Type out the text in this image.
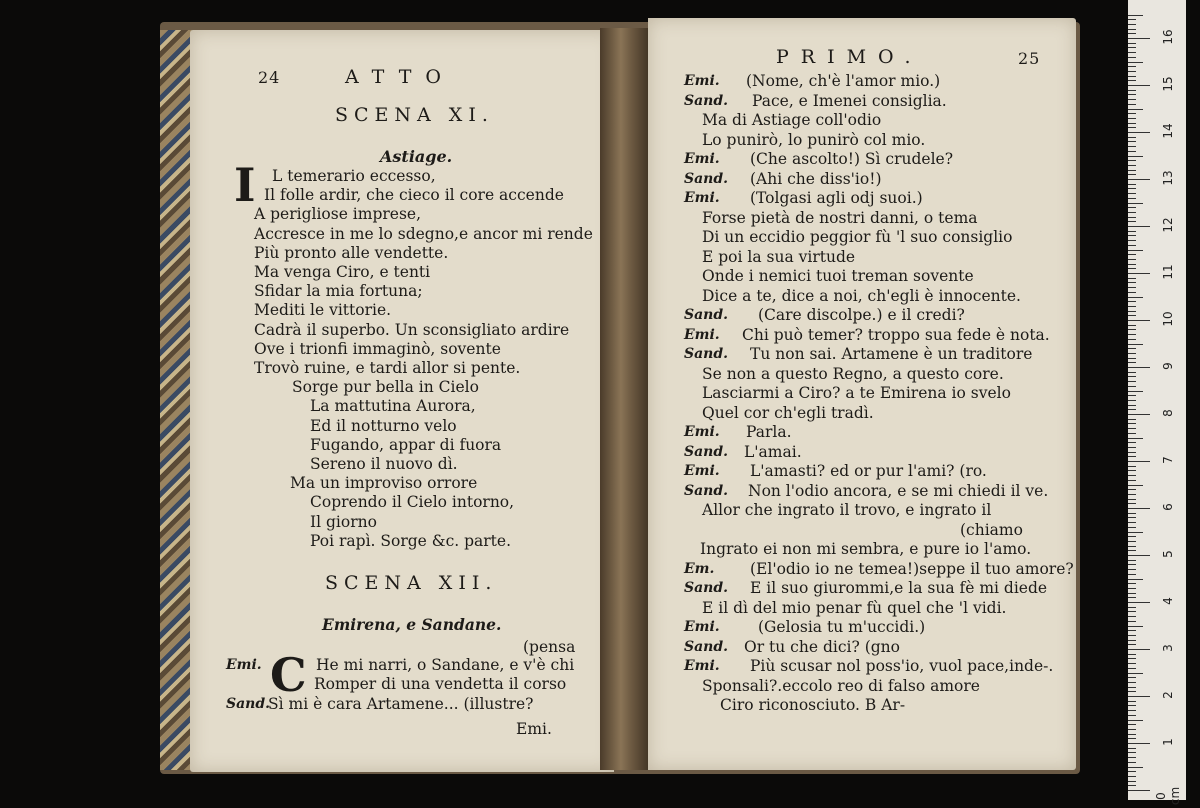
24	ATTO
SCENA XI.
Astiage.
I L temerario eccesso,
Il folle ardir, che cieco il core accende
A perigliose imprese,
Accresce in me lo sdegno,e ancor mi rende
Più pronto alle vendette.
Ma venga Ciro, e tenti
Sfidar la mia fortuna;
Mediti le vittorie.
Cadrà il superbo. Un sconsigliato ardire
Ove i trionfi immaginò, sovente
Trovò ruine, e tardi allor si pente.
Sorge pur bella in Cielo
La mattutina Aurora,
Ed il notturno velo
Fugando, appar di fuora
Sereno il nuovo dì.
Ma un improviso orrore
Coprendo il Cielo intorno,
Il giorno
Poi rapì. Sorge &c. parte.
SCENA XII.
Emirena, e Sandane.
C
(pensa
Emi.	He mi narri, o Sandane, e v'è chi
Romper di una vendetta il corso
Sand.
Sì mi è cara Artamene... (illustre?
Emi.
PRIMO.	25
Emi. (Nome, ch'è l'amor mio.)
Sand. Pace, e Imenei consiglia.
Ma di Astiage coll'odio
Lo punirò, lo punirò col mio.
Emi. (Che ascolto!) Sì crudele?
Sand. (Ahi che diss'io!)
Emi. (Tolgasi agli odj suoi.)
Forse pietà de nostri danni, o tema
Di un eccidio peggior fù 'l suo consiglio
E poi la sua virtude
Onde i nemici tuoi treman sovente
Dice a te, dice a noi, ch'egli è innocente.
Sand. (Care discolpe.) e il credi?
Emi. Chi può temer? troppo sua fede è nota.
Sand. Tu non sai. Artamene è un traditore
Se non a questo Regno, a questo core.
Lasciarmi a Ciro? a te Emirena io svelo
Quel cor ch'egli tradì.
Emi. Parla.
Sand. L'amai.
Emi. L'amasti? ed or pur l'ami? (ro.
Sand. Non l'odio ancora, e se mi chiedi il ve.
Allor che ingrato il trovo, e ingrato il
(chiamo
Ingrato ei non mi sembra, e pure io l'amo.
Em. (El'odio io ne temea!)seppe il tuo amore?
Sand. E il suo giurommi,e la sua fè mi diede
E il dì del mio penar fù quel che 'l vidi.
Emi. (Gelosia tu m'uccidi.)
Sand. Or tu che dici? (gno
Emi. Più scusar nol poss'io, vuol pace,inde-.
Sponsali?.eccolo reo di falso amore
Ciro riconosciuto. B Ar-
16
15
14
13
12
11
10
9
8
7
6
5
4
3
2
1
0 cm
